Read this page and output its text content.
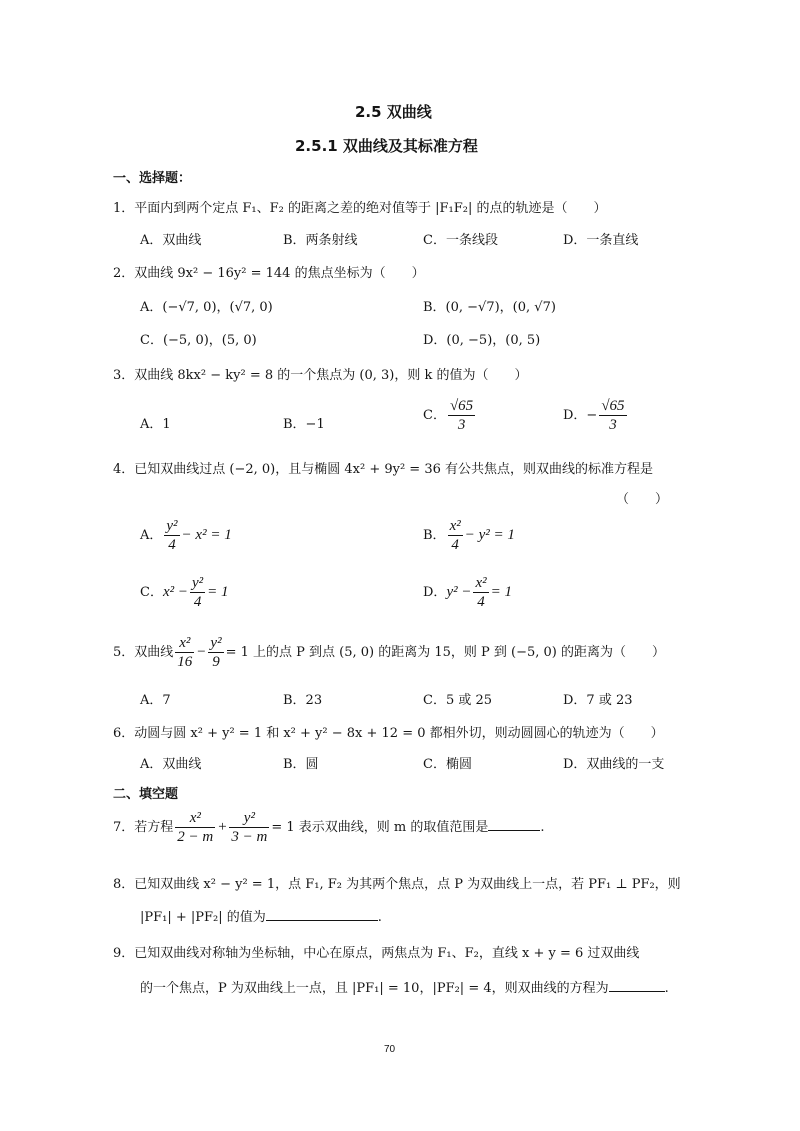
2.5 双曲线
2.5.1 双曲线及其标准方程
一、选择题：
1．平面内到两个定点 F₁、F₂ 的距离之差的绝对值等于 |F₁F₂| 的点的轨迹是（　　）
A．双曲线	B．两条射线	C．一条线段	D．一条直线
2．双曲线 9x² − 16y² = 144 的焦点坐标为（　　）
A．(−√7, 0)，(√7, 0)	B．(0, −√7)，(0, √7)
C．(−5, 0)，(5, 0)	D．(0, −5)，(0, 5)
3．双曲线 8kx² − ky² = 8 的一个焦点为 (0, 3)，则 k 的值为（　　）
A．1	B．−1
C． $\frac{√65}{3}$	D．− $\frac{√65}{3}$
4．已知双曲线过点 (−2, 0)，且与椭圆 4x² + 9y² = 36 有公共焦点，则双曲线的标准方程是
（　　）
A． $\frac{\text{y²}}{4} - x^2 = 1$	B． $\frac{\text{x²}}{4} - y^2 = 1$
C．$x^2 - \frac{\text{y²}}{4} = 1$	D．$y^2 - \frac{\text{x²}}{4} = 1$
5．双曲线 $\frac{\text{x²}}{16} - \frac{\text{y²}}{9} = 1$ 上的点 P 到点 (5, 0) 的距离为 15，则 P 到 (−5, 0) 的距离为（　　）
A．7	B．23	C．5 或 25	D．7 或 23
6．动圆与圆 x² + y² = 1 和 x² + y² − 8x + 12 = 0 都相外切，则动圆圆心的轨迹为（　　）
A．双曲线	B．圆	C．椭圆	D．双曲线的一支
二、填空题
7．若方程 $\frac{\text{x²}}{2 - m} + \frac{\text{y²}}{3 - m} = 1$ 表示双曲线，则 m 的取值范围是	.
8．已知双曲线 x² − y² = 1，点 F₁, F₂ 为其两个焦点，点 P 为双曲线上一点，若 PF₁ ⊥ PF₂，则
|PF₁| + |PF₂| 的值为	.
9．已知双曲线对称轴为坐标轴，中心在原点，两焦点为 F₁、F₂，直线 x + y = 6 过双曲线
的一个焦点，P 为双曲线上一点，且 |PF₁| = 10，|PF₂| = 4，则双曲线的方程为	.
70
